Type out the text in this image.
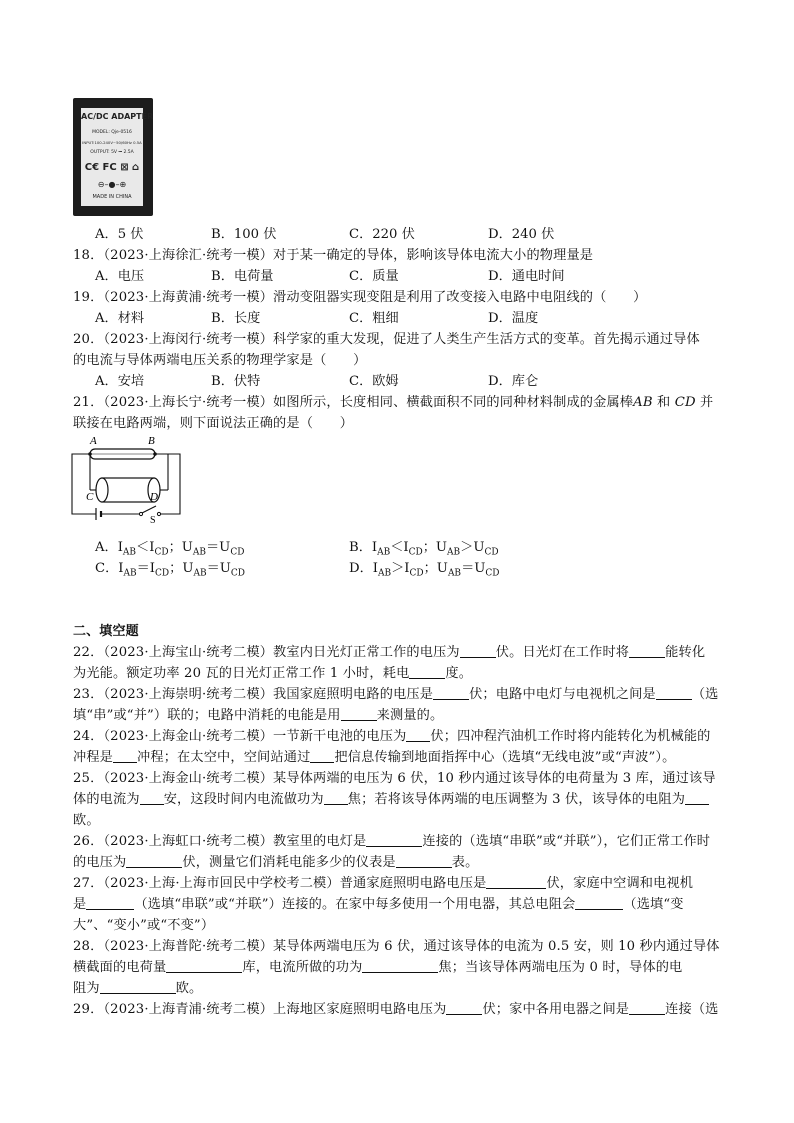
AC/DC ADAPTER
MODEL: Qje-0516
INPUT:100-240V~50/60Hz 0.5A
OUTPUT: 5V ⎓ 2.5A
C€ FC ⊠ ⌂
⊖–●–⊕
MADE IN CHINA
A．5 伏	B．100 伏	C．220 伏	D．240 伏
18．（2023·上海徐汇·统考一模）对于某一确定的导体，影响该导体电流大小的物理量是
A．电压	B．电荷量	C．质量	D．通电时间
19．（2023·上海黄浦·统考一模）滑动变阻器实现变阻是利用了改变接入电路中电阻线的（　　）
A．材料	B．长度	C．粗细	D．温度
20．（2023·上海闵行·统考一模）科学家的重大发现，促进了人类生产生活方式的变革。首先揭示通过导体
的电流与导体两端电压关系的物理学家是（　　）
A．安培	B．伏特	C．欧姆	D．库仑
21．（2023·上海长宁·统考一模）如图所示，长度相同、横截面积不同的同种材料制成的金属棒AB 和 CD 并
联接在电路两端，则下面说法正确的是（　　）
A	B
C	D
S
A．$I_{AB}<I_{CD}$；$U_{AB}=U_{CD}$	B．$I_{AB}<I_{CD}$；$U_{AB}>U_{CD}$
C．$I_{AB}=I_{CD}$；$U_{AB}=U_{CD}$	D．$I_{AB}>I_{CD}$；$U_{AB}=U_{CD}$
二、填空题
22．（2023·上海宝山·统考二模）教室内日光灯正常工作的电压为	伏。日光灯在工作时将	能转化
为光能。额定功率 20 瓦的日光灯正常工作 1 小时，耗电	度。
23．（2023·上海崇明·统考二模）我国家庭照明电路的电压是	伏；电路中电灯与电视机之间是	（选
填“串”或“并”）联的；电路中消耗的电能是用	来测量的。
24．（2023·上海金山·统考二模）一节新干电池的电压为 伏；四冲程汽油机工作时将内能转化为机械能的
冲程是 冲程；在太空中，空间站通过 把信息传输到地面指挥中心（选填“无线电波”或“声波”）。
25．（2023·上海金山·统考二模）某导体两端的电压为 6 伏，10 秒内通过该导体的电荷量为 3 库，通过该导
体的电流为 安，这段时间内电流做功为 焦；若将该导体两端的电压调整为 3 伏，该导体的电阻为
欧。
26．（2023·上海虹口·统考二模）教室里的电灯是	连接的（选填“串联”或“并联”），它们正常工作时
的电压为	伏，测量它们消耗电能多少的仪表是	表。
27．（2023·上海·上海市回民中学校考二模）普通家庭照明电路电压是	伏，家庭中空调和电视机
是	（选填“串联”或“并联”）连接的。在家中每多使用一个用电器，其总电阻会	（选填“变
大”、“变小”或“不变”）
28．（2023·上海普陀·统考二模）某导体两端电压为 6 伏，通过该导体的电流为 0.5 安，则 10 秒内通过导体
横截面的电荷量	库，电流所做的功为	焦；当该导体两端电压为 0 时，导体的电
阻为	欧。
29．（2023·上海青浦·统考二模）上海地区家庭照明电路电压为	伏；家中各用电器之间是	连接（选
